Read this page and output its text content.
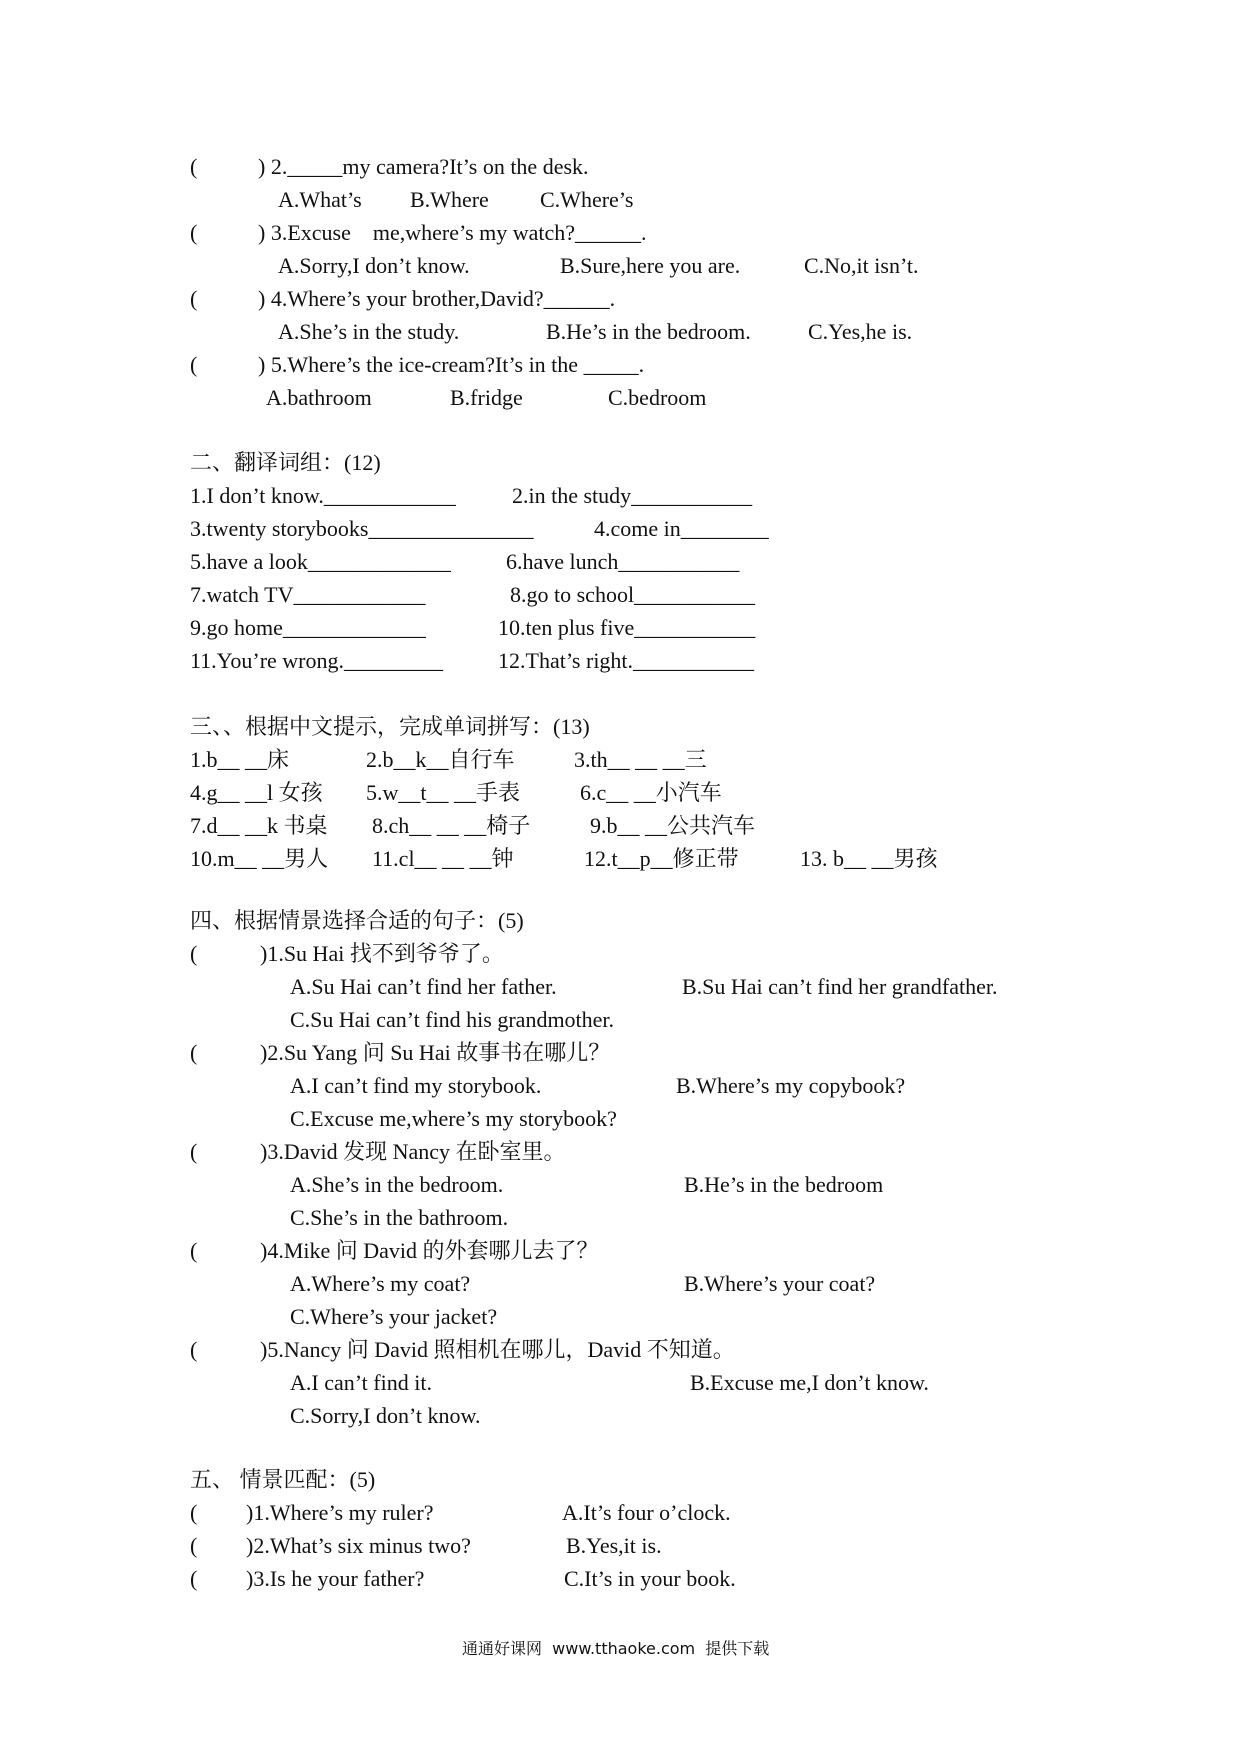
(	) 2._____my camera?It’s on the desk.
A.What’s B.Where C.Where’s
(	) 3.Excuse    me,where’s my watch?______.
A.Sorry,I don’t know.	B.Sure,here you are.	C.No,it isn’t.
(	) 4.Where’s your brother,David?______.
A.She’s in the study.	B.He’s in the bedroom.	C.Yes,he is.
(	) 5.Where’s the ice-cream?It’s in the _____.
A.bathroom	B.fridge	C.bedroom
二、翻译词组：(12)
1.I don’t know.____________	2.in the study___________
3.twenty storybooks_______________	4.come in________
5.have a look_____________	6.have lunch___________
7.watch TV____________	8.go to school___________
9.go home_____________	10.ten plus five___________
11.You’re wrong._________	12.That’s right.___________
三、、根据中文提示，完成单词拼写：(13)
1.b__ __床	2.b__k__自行车	3.th__ __ __三
4.g__ __l 女孩 5.w__t__ __手表	6.c__ __小汽车
7.d__ __k 书桌 8.ch__ __ __椅子	9.b__ __公共汽车
10.m__ __男人 11.cl__ __ __钟	12.t__p__修正带	13. b__ __男孩
四、根据情景选择合适的句子：(5)
(	)1.Su Hai 找不到爷爷了。
A.Su Hai can’t find her father.	B.Su Hai can’t find her grandfather.
C.Su Hai can’t find his grandmother.
(	)2.Su Yang 问 Su Hai 故事书在哪儿？
A.I can’t find my storybook.	B.Where’s my copybook?
C.Excuse me,where’s my storybook?
(	)3.David 发现 Nancy 在卧室里。
A.She’s in the bedroom.	B.He’s in the bedroom
C.She’s in the bathroom.
(	)4.Mike 问 David 的外套哪儿去了？
A.Where’s my coat?	B.Where’s your coat?
C.Where’s your jacket?
(	)5.Nancy 问 David 照相机在哪儿，David 不知道。
A.I can’t find it.	B.Excuse me,I don’t know.
C.Sorry,I don’t know.
五、 情景匹配：(5)
( )1.Where’s my ruler?	A.It’s four o’clock.
( )2.What’s six minus two?	B.Yes,it is.
( )3.Is he your father?	C.It’s in your book.
通通好课网  www.tthaoke.com  提供下载
